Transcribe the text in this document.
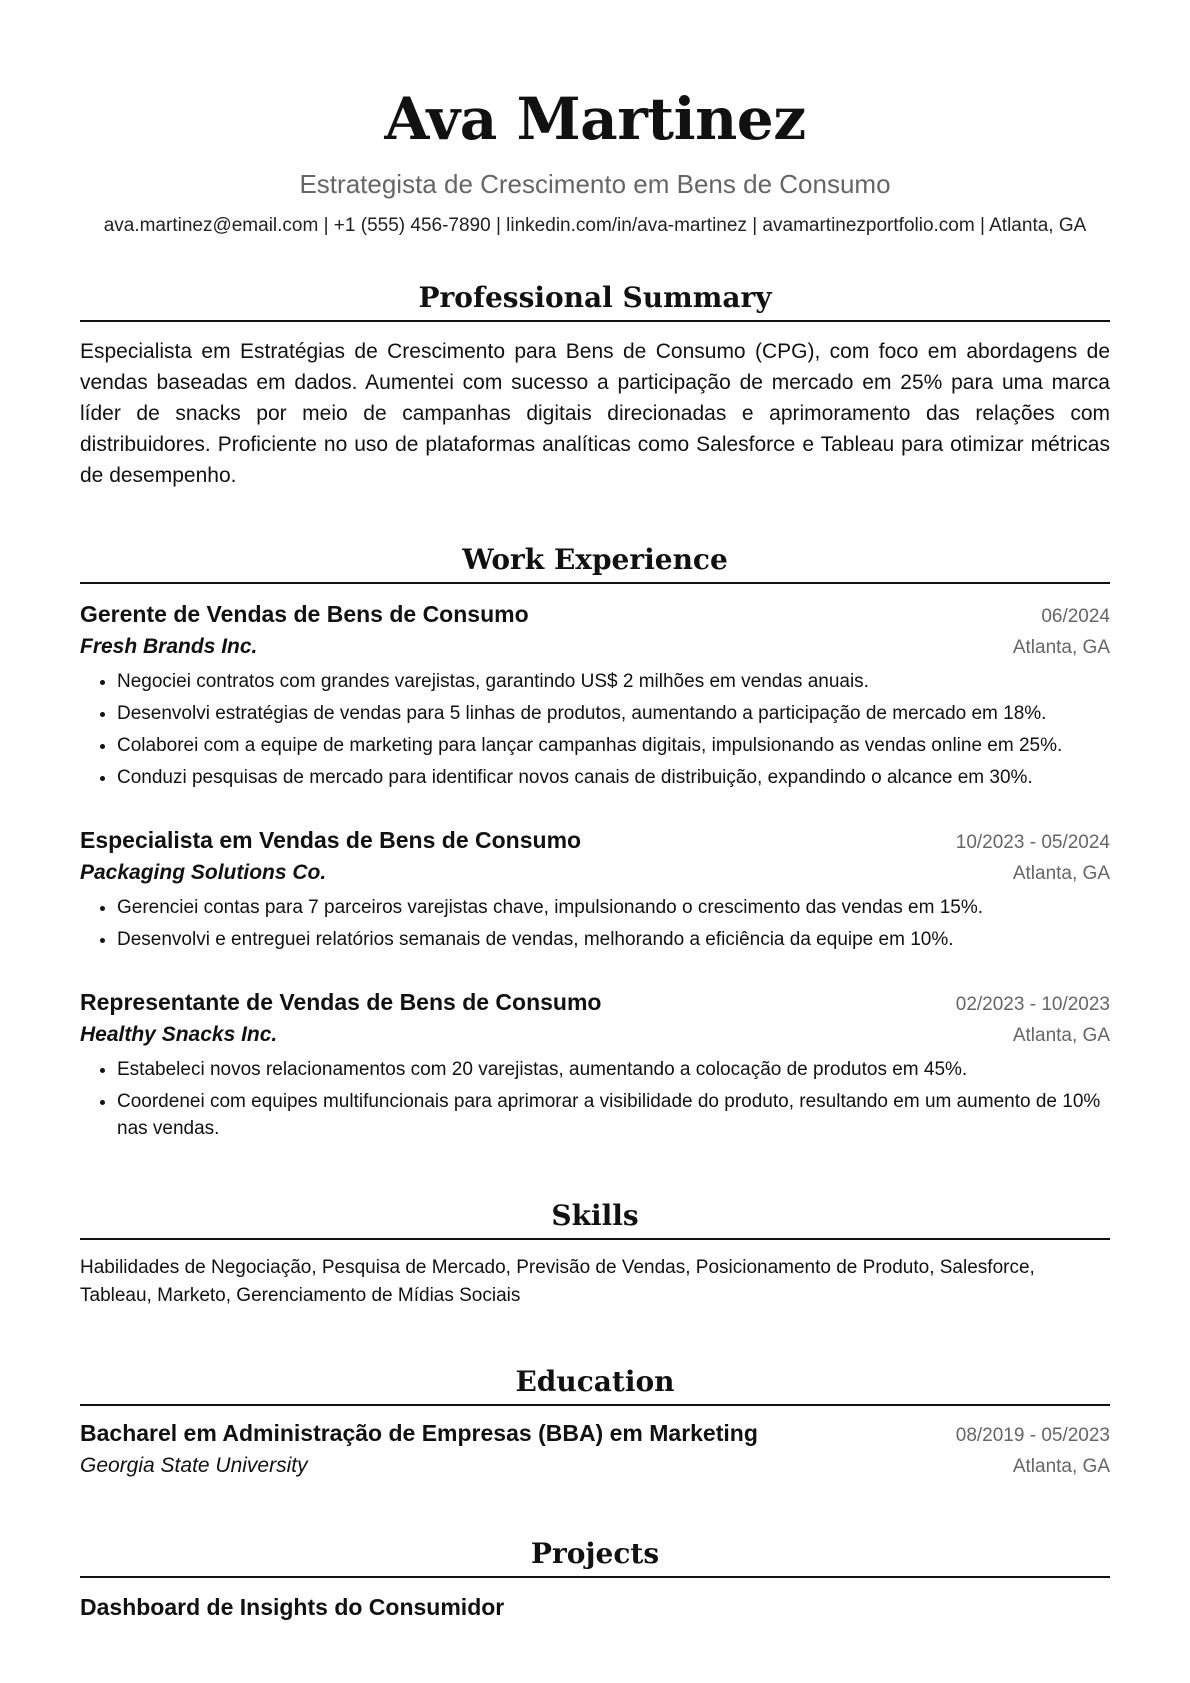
Ava Martinez
Estrategista de Crescimento em Bens de Consumo
ava.martinez@email.com | +1 (555) 456-7890 | linkedin.com/in/ava-martinez | avamartinezportfolio.com | Atlanta, GA
Professional Summary
Especialista em Estratégias de Crescimento para Bens de Consumo (CPG), com foco em abordagens de vendas baseadas em dados. Aumentei com sucesso a participação de mercado em 25% para uma marca líder de snacks por meio de campanhas digitais direcionadas e aprimoramento das relações com distribuidores. Proficiente no uso de plataformas analíticas como Salesforce e Tableau para otimizar métricas de desempenho.
Work Experience
Gerente de Vendas de Bens de Consumo	06/2024
Fresh Brands Inc.	Atlanta, GA
• Negociei contratos com grandes varejistas, garantindo US$ 2 milhões em vendas anuais.
• Desenvolvi estratégias de vendas para 5 linhas de produtos, aumentando a participação de mercado em 18%.
• Colaborei com a equipe de marketing para lançar campanhas digitais, impulsionando as vendas online em 25%.
• Conduzi pesquisas de mercado para identificar novos canais de distribuição, expandindo o alcance em 30%.
Especialista em Vendas de Bens de Consumo	10/2023 - 05/2024
Packaging Solutions Co.	Atlanta, GA
• Gerenciei contas para 7 parceiros varejistas chave, impulsionando o crescimento das vendas em 15%.
• Desenvolvi e entreguei relatórios semanais de vendas, melhorando a eficiência da equipe em 10%.
Representante de Vendas de Bens de Consumo	02/2023 - 10/2023
Healthy Snacks Inc.	Atlanta, GA
• Estabeleci novos relacionamentos com 20 varejistas, aumentando a colocação de produtos em 45%.
• Coordenei com equipes multifuncionais para aprimorar a visibilidade do produto, resultando em um aumento de 10% nas vendas.
Skills
Habilidades de Negociação, Pesquisa de Mercado, Previsão de Vendas, Posicionamento de Produto, Salesforce, Tableau, Marketo, Gerenciamento de Mídias Sociais
Education
Bacharel em Administração de Empresas (BBA) em Marketing	08/2019 - 05/2023
Georgia State University	Atlanta, GA
Projects
Dashboard de Insights do Consumidor
